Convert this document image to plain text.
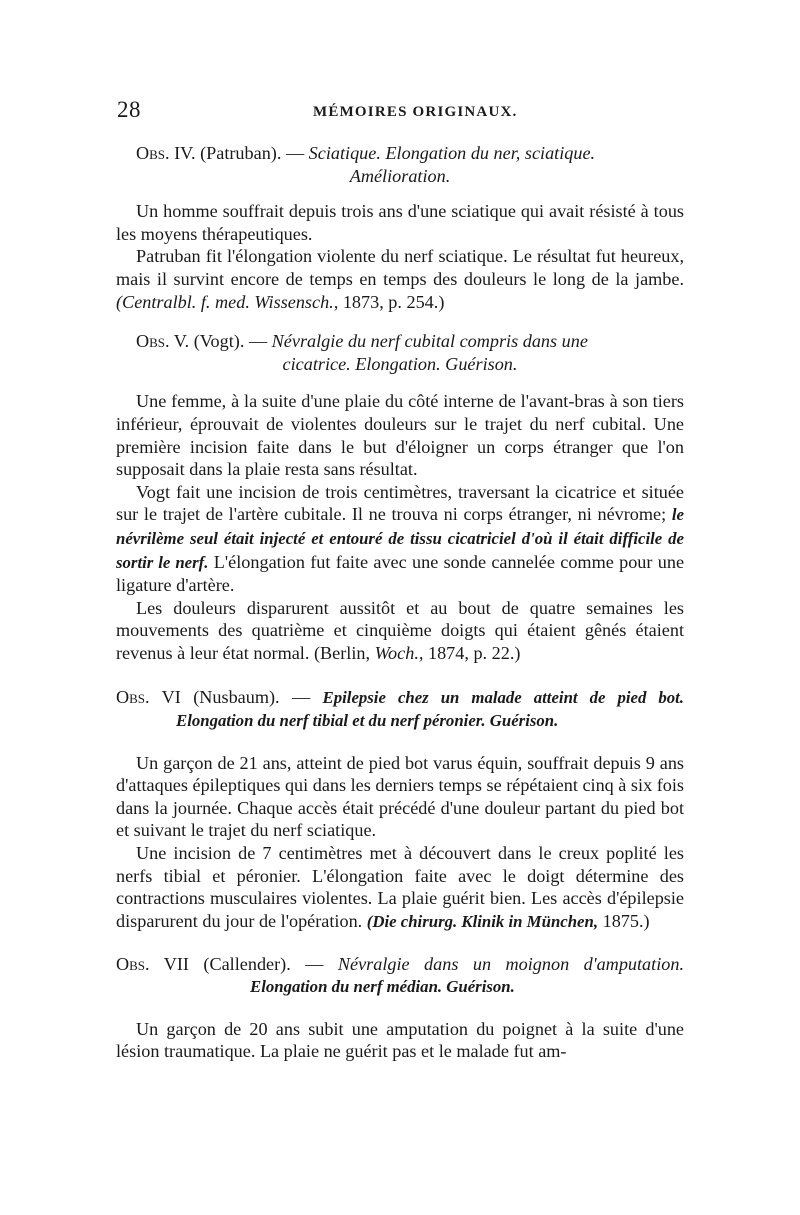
28	MÉMOIRES ORIGINAUX.
Obs. IV. (Patruban). — Sciatique. Elongation du ner, sciatique.
Amélioration.

Un homme souffrait depuis trois ans d'une sciatique qui avait résisté à tous les moyens thérapeutiques.

Patruban fit l'élongation violente du nerf sciatique. Le résultat fut heureux, mais il survint encore de temps en temps des douleurs le long de la jambe. (Centralbl. f. med. Wissensch., 1873, p. 254.)

Obs. V. (Vogt). — Névralgie du nerf cubital compris dans une
cicatrice. Elongation. Guérison.

Une femme, à la suite d'une plaie du côté interne de l'avant-bras à son tiers inférieur, éprouvait de violentes douleurs sur le trajet du nerf cubital. Une première incision faite dans le but d'éloigner un corps étranger que l'on supposait dans la plaie resta sans résultat.

Vogt fait une incision de trois centimètres, traversant la cicatrice et située sur le trajet de l'artère cubitale. Il ne trouva ni corps étranger, ni névrome; le névrilème seul était injecté et entouré de tissu cicatriciel d'où il était difficile de sortir le nerf. L'élongation fut faite avec une sonde cannelée comme pour une ligature d'artère.

Les douleurs disparurent aussitôt et au bout de quatre semaines les mouvements des quatrième et cinquième doigts qui étaient gênés étaient revenus à leur état normal. (Berlin, Woch., 1874, p. 22.)

Obs. VI (Nusbaum). — Epilepsie chez un malade atteint de pied bot.
Elongation du nerf tibial et du nerf péronier. Guérison.

Un garçon de 21 ans, atteint de pied bot varus équin, souffrait depuis 9 ans d'attaques épileptiques qui dans les derniers temps se répétaient cinq à six fois dans la journée. Chaque accès était précédé d'une douleur partant du pied bot et suivant le trajet du nerf sciatique.

Une incision de 7 centimètres met à découvert dans le creux poplité les nerfs tibial et péronier. L'élongation faite avec le doigt détermine des contractions musculaires violentes. La plaie guérit bien. Les accès d'épilepsie disparurent du jour de l'opération. (Die chirurg. Klinik in München, 1875.)

Obs. VII (Callender). — Névralgie dans un moignon d'amputation.
Elongation du nerf médian. Guérison.

Un garçon de 20 ans subit une amputation du poignet à la suite d'une lésion traumatique. La plaie ne guérit pas et le malade fut am-
